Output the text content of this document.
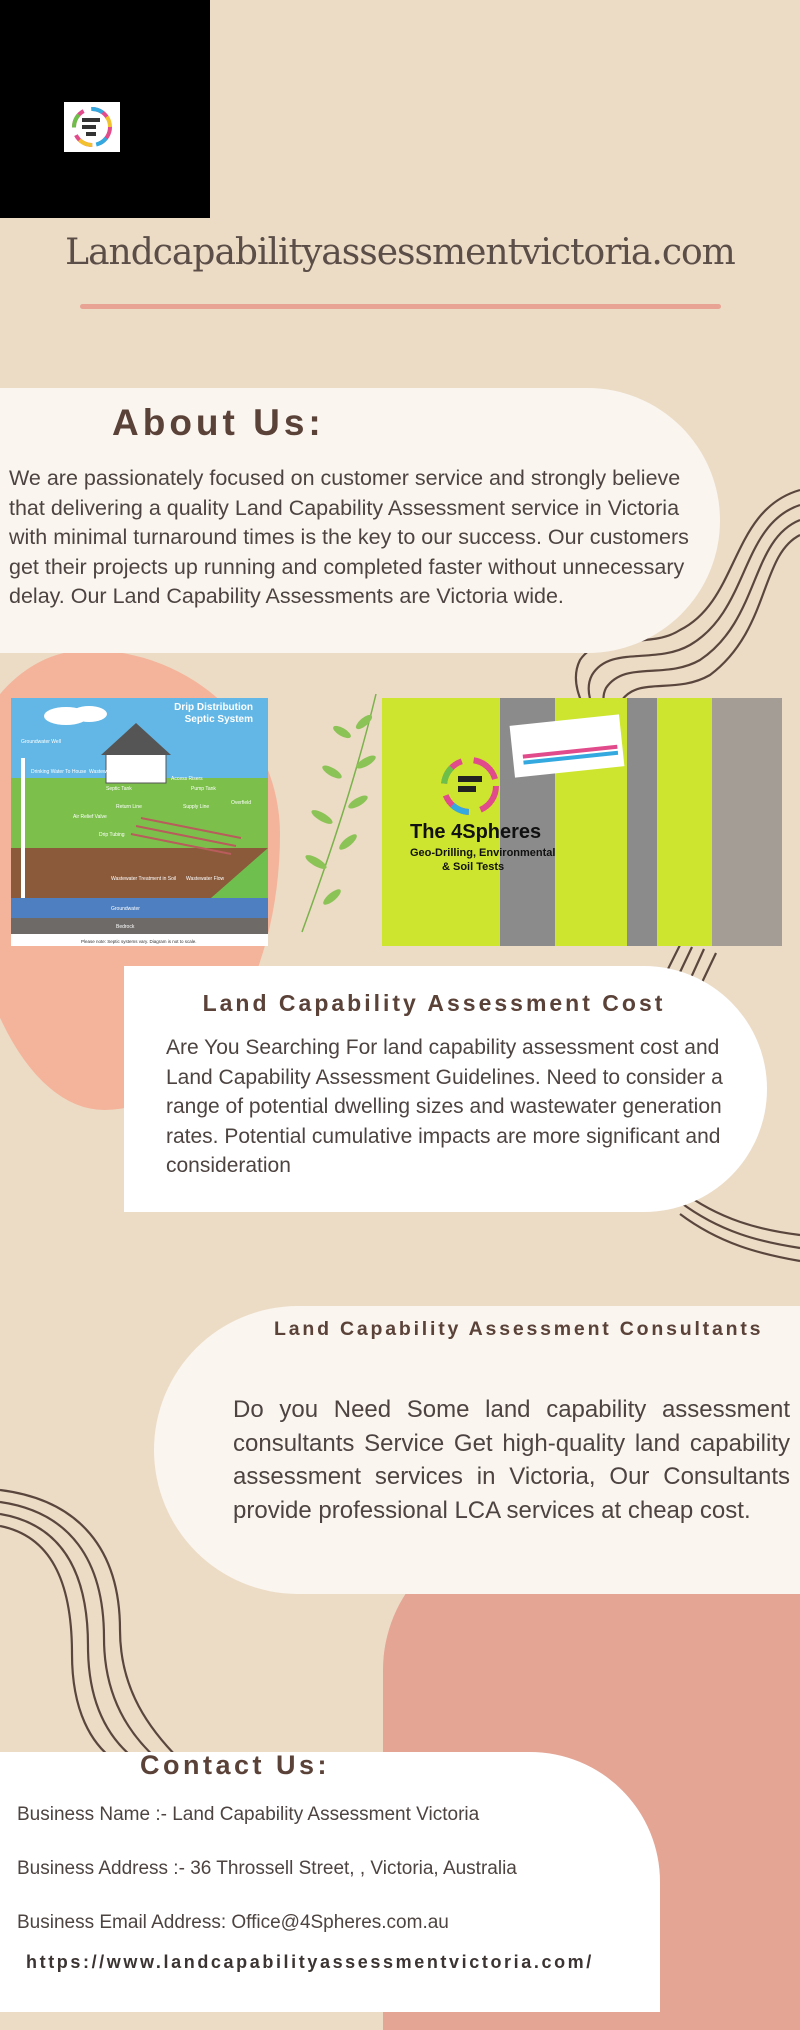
Landcapabilityassessmentvictoria.com
About Us:
We are passionately focused on customer service and strongly believe that delivering a quality Land Capability Assessment service in Victoria with minimal turnaround times is the key to our success. Our customers get their projects up running and completed faster without unnecessary delay. Our Land Capability Assessments are Victoria wide.
Drip Distribution
Septic System
Groundwater Well
Drinking Water To House Wastewater From House
Septic Tank
Access Risers
Pump Tank
Return Line	Supply Line
Overfield
Air Relief Valve
Drip Tubing
Wastewater Treatment in Soil Wastewater Flow
Groundwater
Bedrock
Please note: Septic systems vary. Diagram is not to scale.
The 4Spheres
Geo-Drilling, Environmental
& Soil Tests
Land Capability Assessment Cost
Are You Searching For land capability assessment cost and Land Capability Assessment Guidelines. Need to consider a range of potential dwelling sizes and wastewater generation rates. Potential cumulative impacts are more significant and consideration
Land Capability Assessment Consultants
Do you Need Some land capability assessment consultants Service Get high-quality land capability assessment services in Victoria, Our Consultants provide professional LCA services at cheap cost.
Contact Us:
Business Name :- Land Capability Assessment Victoria
Business Address :- 36 Throssell Street, , Victoria, Australia
Business Email Address: Office@4Spheres.com.au
https://www.landcapabilityassessmentvictoria.com/
